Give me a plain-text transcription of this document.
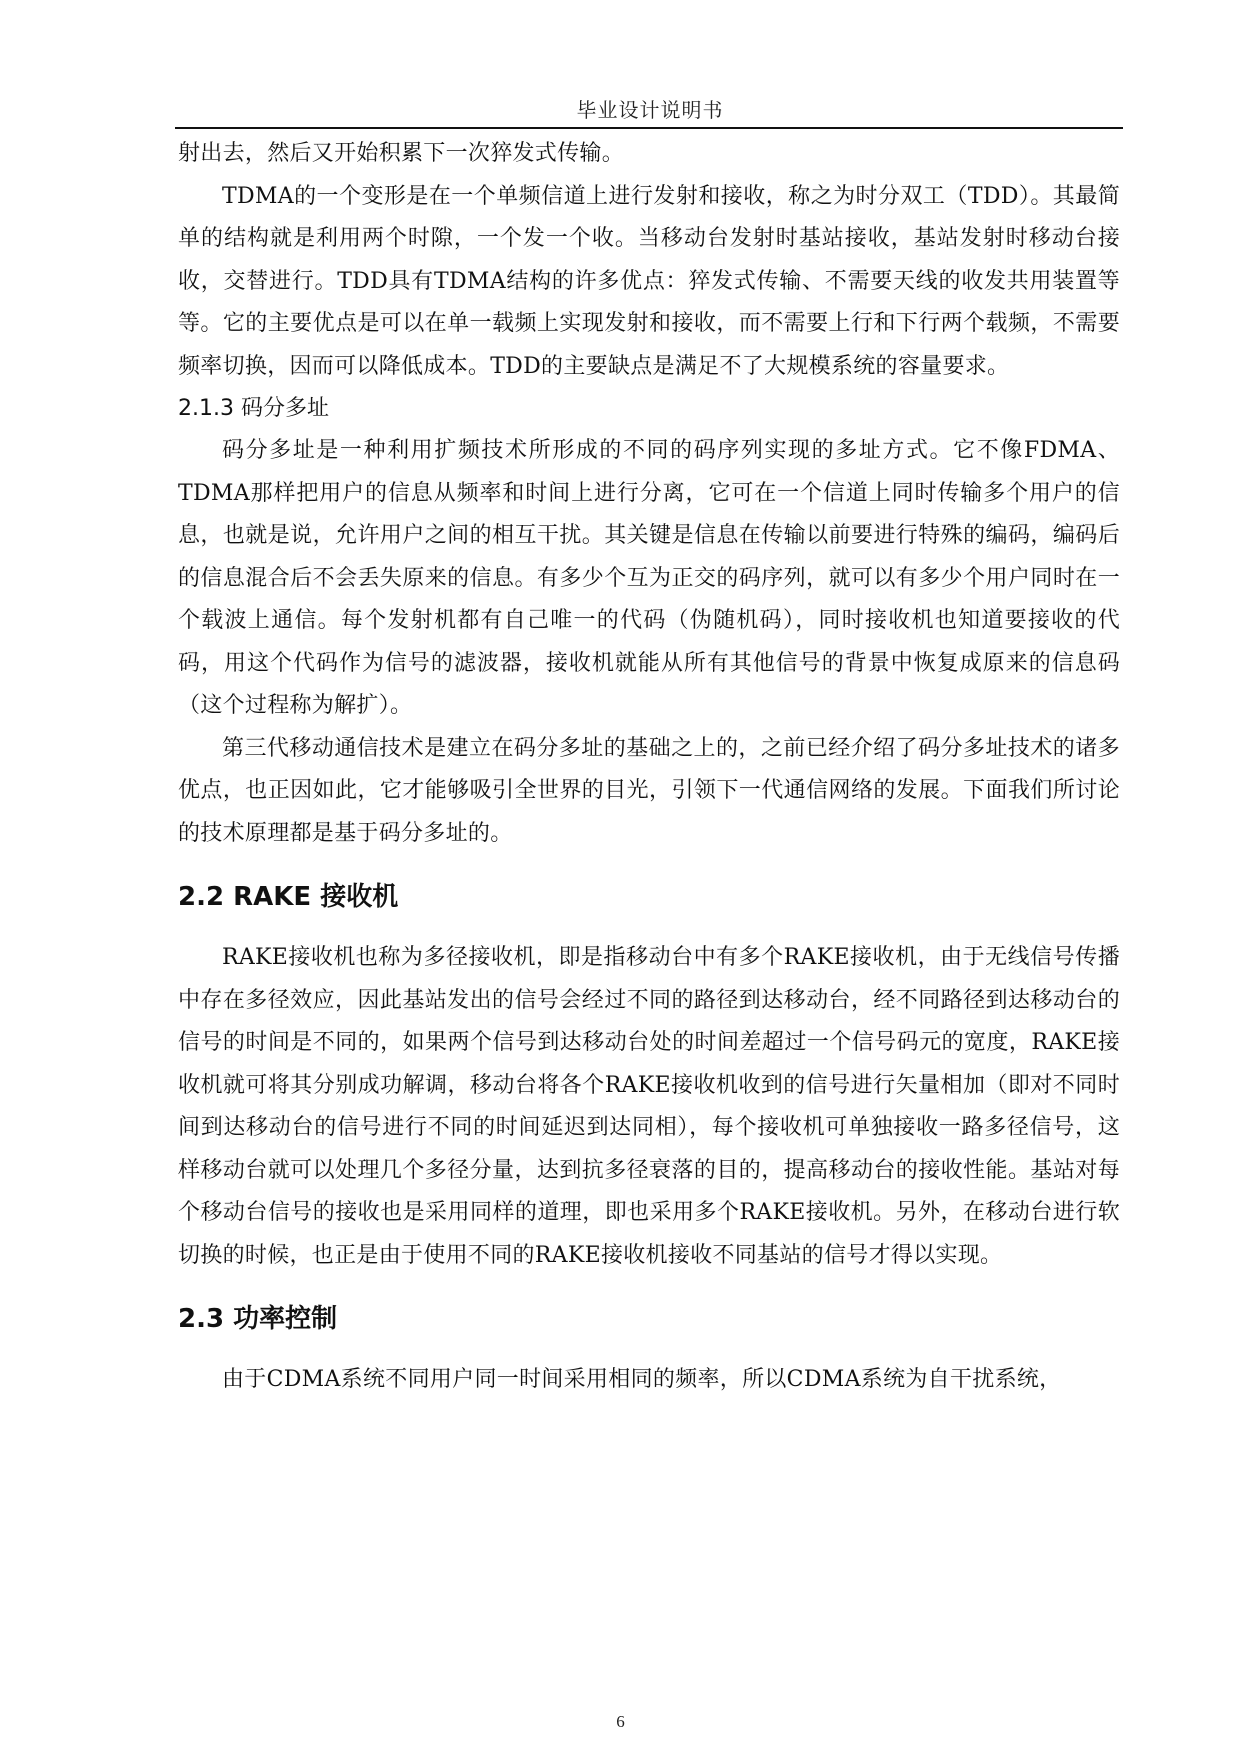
毕业设计说明书

射出去，然后又开始积累下一次猝发式传输。

TDMA的一个变形是在一个单频信道上进行发射和接收，称之为时分双工（TDD）。其最简单的结构就是利用两个时隙，一个发一个收。当移动台发射时基站接收，基站发射时移动台接收，交替进行。TDD具有TDMA结构的许多优点：猝发式传输、不需要天线的收发共用装置等等。它的主要优点是可以在单一载频上实现发射和接收，而不需要上行和下行两个载频，不需要频率切换，因而可以降低成本。TDD的主要缺点是满足不了大规模系统的容量要求。

2.1.3 码分多址

码分多址是一种利用扩频技术所形成的不同的码序列实现的多址方式。它不像FDMA、TDMA那样把用户的信息从频率和时间上进行分离，它可在一个信道上同时传输多个用户的信息，也就是说，允许用户之间的相互干扰。其关键是信息在传输以前要进行特殊的编码，编码后的信息混合后不会丢失原来的信息。有多少个互为正交的码序列，就可以有多少个用户同时在一个载波上通信。每个发射机都有自己唯一的代码（伪随机码），同时接收机也知道要接收的代码，用这个代码作为信号的滤波器，接收机就能从所有其他信号的背景中恢复成原来的信息码（这个过程称为解扩）。

第三代移动通信技术是建立在码分多址的基础之上的，之前已经介绍了码分多址技术的诸多优点，也正因如此，它才能够吸引全世界的目光，引领下一代通信网络的发展。下面我们所讨论的技术原理都是基于码分多址的。

2.2 RAKE 接收机

RAKE接收机也称为多径接收机，即是指移动台中有多个RAKE接收机，由于无线信号传播中存在多径效应，因此基站发出的信号会经过不同的路径到达移动台，经不同路径到达移动台的信号的时间是不同的，如果两个信号到达移动台处的时间差超过一个信号码元的宽度，RAKE接收机就可将其分别成功解调，移动台将各个RAKE接收机收到的信号进行矢量相加（即对不同时间到达移动台的信号进行不同的时间延迟到达同相），每个接收机可单独接收一路多径信号，这样移动台就可以处理几个多径分量，达到抗多径衰落的目的，提高移动台的接收性能。基站对每个移动台信号的接收也是采用同样的道理，即也采用多个RAKE接收机。另外，在移动台进行软切换的时候，也正是由于使用不同的RAKE接收机接收不同基站的信号才得以实现。

2.3 功率控制

由于CDMA系统不同用户同一时间采用相同的频率，所以CDMA系统为自干扰系统，

6
